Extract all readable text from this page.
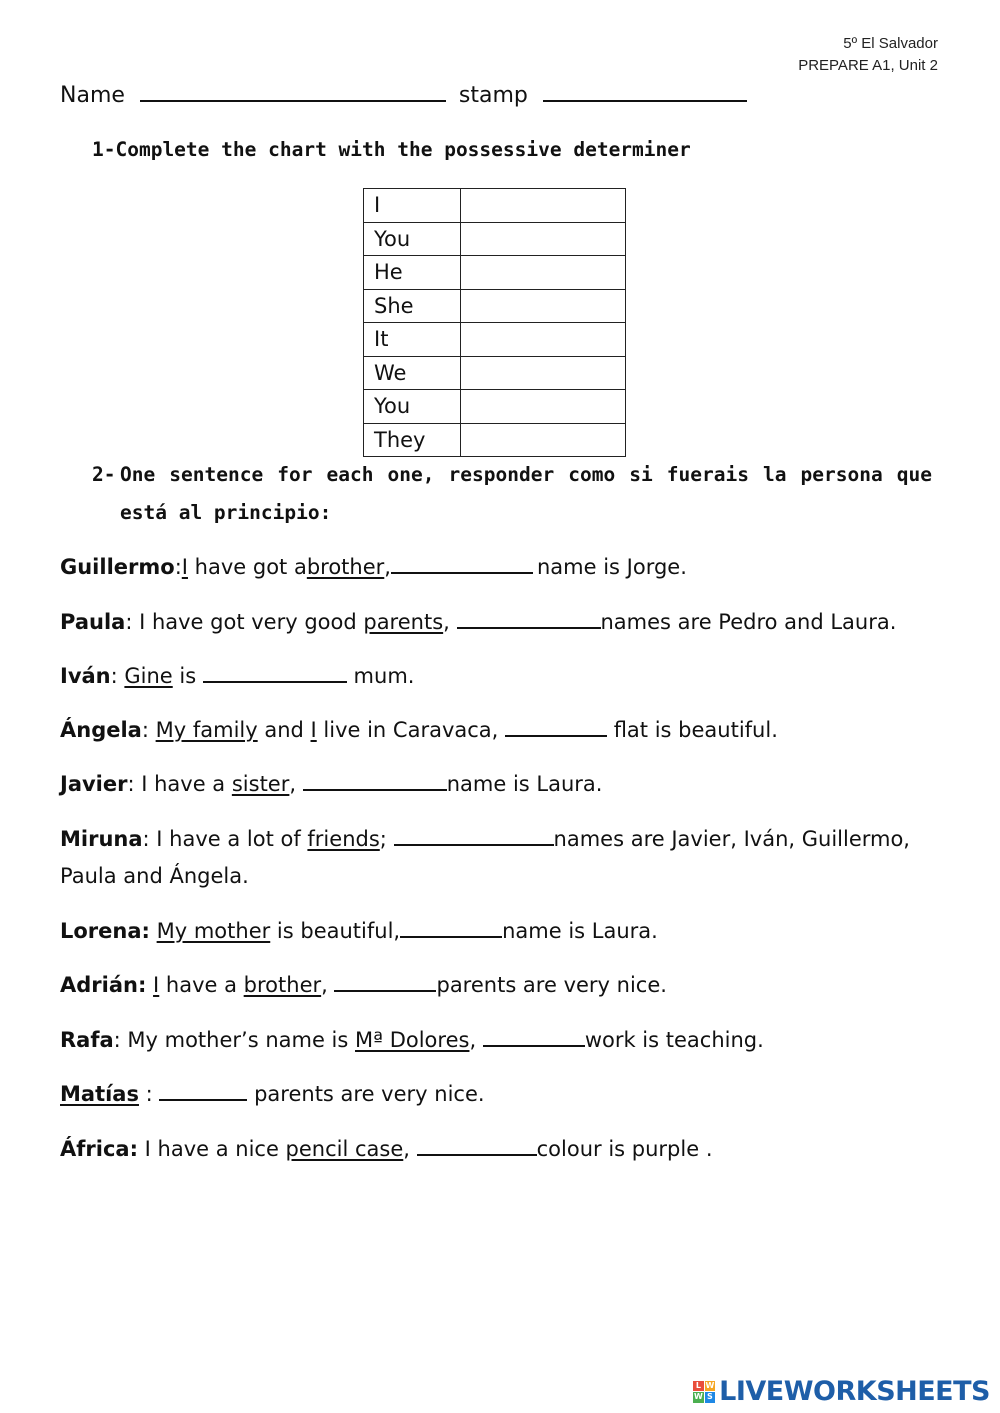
5º El Salvador
PREPARE A1, Unit 2
Name	stamp
1-Complete the chart with the possessive determiner
I	
You	
He	
She	
It	
We	
You	
They	
2- One sentence for each one, responder como si fuerais la persona que está al principio:
Guillermo:I have got abrother,	name is Jorge.
Paula: I have got very good parents,	names are Pedro and Laura.
Iván: Gine is	mum.
Ángela: My family and I live in Caravaca,	flat is beautiful.
Javier: I have a sister,	name is Laura.
Miruna: I have a lot of friends;	names are Javier, Iván, Guillermo, Paula and Ángela.
Lorena: My mother is beautiful,	name is Laura.
Adrián: I have a brother,	parents are very nice.
Rafa: My mother’s name is Mª Dolores,	work is teaching.
Matías :	parents are very nice.
África: I have a nice pencil case,	colour is purple .
L W
W S LIVEWORKSHEETS
